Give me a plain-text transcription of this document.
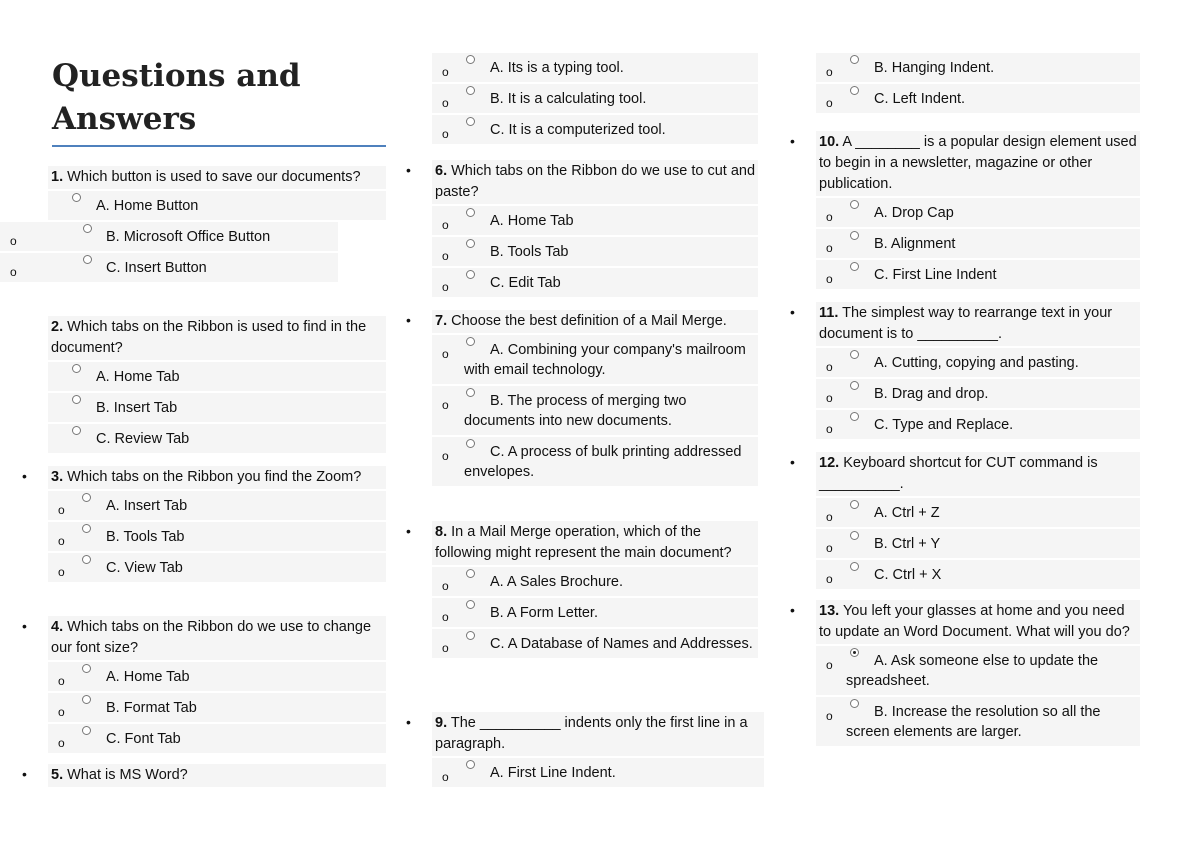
Questions and Answers
1. Which button is used to save our documents?
A. Home Button
o	B. Microsoft Office Button
o	C. Insert Button
2. Which tabs on the Ribbon is used to find in the document?
A. Home Tab
B. Insert Tab
C. Review Tab
• 3. Which tabs on the Ribbon you find the Zoom?
o	A. Insert Tab
o	B. Tools Tab
o	C. View Tab
• 4. Which tabs on the Ribbon do we use to change our font size?
o	A. Home Tab
o	B. Format Tab
o	C. Font Tab
• 5. What is MS Word?
o	A. Its is a typing tool.
o	B. It is a calculating tool.
o	C. It is a computerized tool.
• 6. Which tabs on the Ribbon do we use to cut and paste?
o	A. Home Tab
o	B. Tools Tab
o	C. Edit Tab
• 7. Choose the best definition of a Mail Merge.
o	A. Combining your company's mailroom with email technology.
o	B. The process of merging two documents into new documents.
o	C. A process of bulk printing addressed envelopes.
• 8. In a Mail Merge operation, which of the following might represent the main document?
o	A. A Sales Brochure.
o	B. A Form Letter.
o	C. A Database of Names and Addresses.
• 9. The __________ indents only the first line in a paragraph.
o	A. First Line Indent.
o	B. Hanging Indent.
o	C. Left Indent.
• 10. A ________ is a popular design element used to begin in a newsletter, magazine or other publication.
o	A. Drop Cap
o	B. Alignment
o	C. First Line Indent
• 11. The simplest way to rearrange text in your document is to __________.
o	A. Cutting, copying and pasting.
o	B. Drag and drop.
o	C. Type and Replace.
• 12. Keyboard shortcut for CUT command is __________.
o	A. Ctrl + Z
o	B. Ctrl + Y
o	C. Ctrl + X
• 13. You left your glasses at home and you need to update an Word Document. What will you do?
o	A. Ask someone else to update the spreadsheet.
o	B. Increase the resolution so all the screen elements are larger.
